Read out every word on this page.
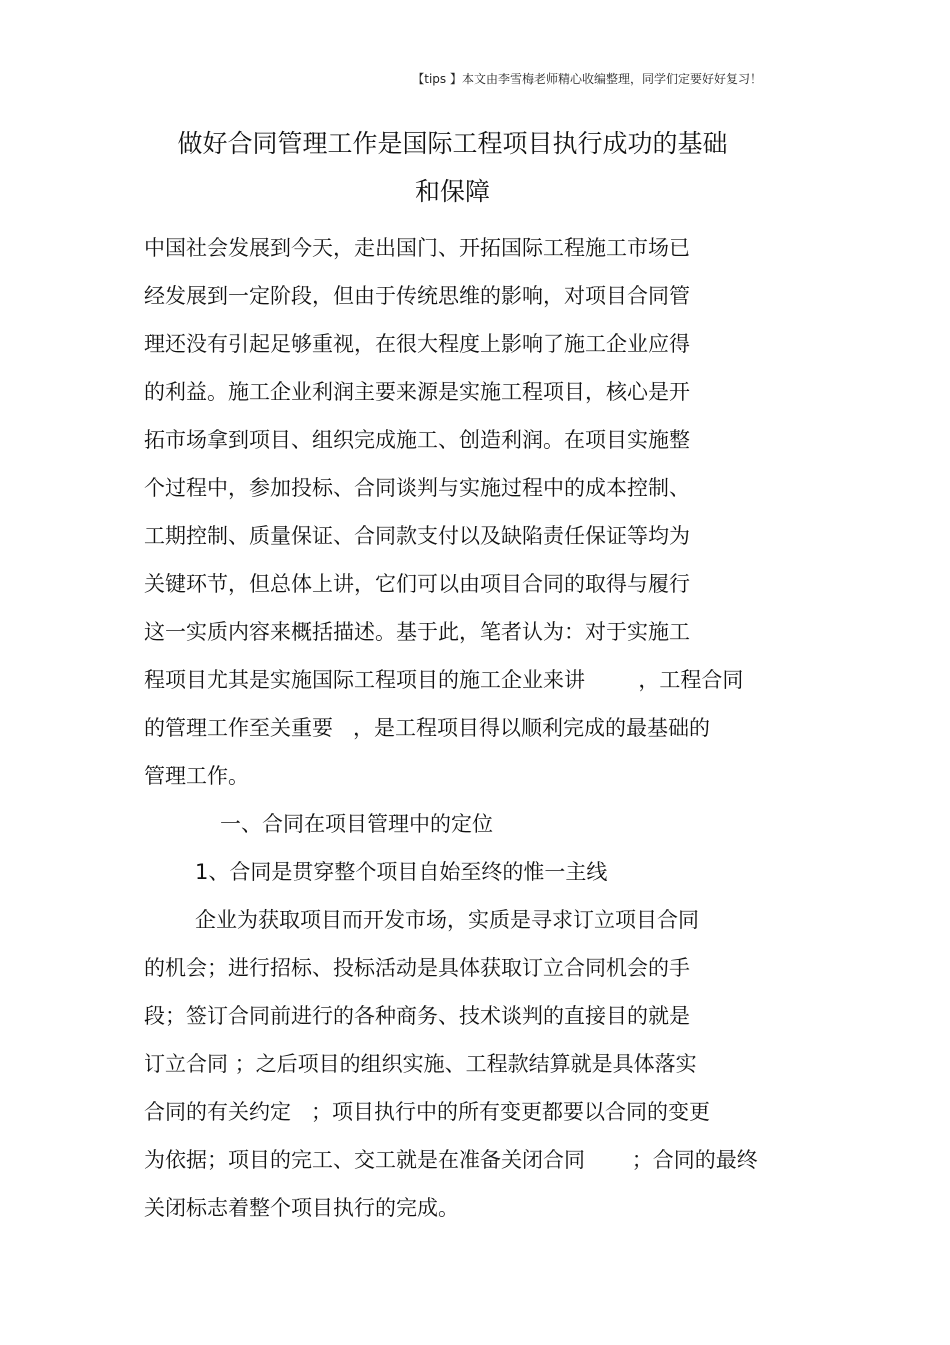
【tips 】本文由李雪梅老师精心收编整理，同学们定要好好复习！
做好合同管理工作是国际工程项目执行成功的基础
和保障
中国社会发展到今天，走出国门、开拓国际工程施工市场已
经发展到一定阶段，但由于传统思维的影响，对项目合同管
理还没有引起足够重视，在很大程度上影响了施工企业应得
的利益。施工企业利润主要来源是实施工程项目，核心是开
拓市场拿到项目、组织完成施工、创造利润。在项目实施整
个过程中，参加投标、合同谈判与实施过程中的成本控制、
工期控制、质量保证、合同款支付以及缺陷责任保证等均为
关键环节，但总体上讲，它们可以由项目合同的取得与履行
这一实质内容来概括描述。基于此，笔者认为：对于实施工
程项目尤其是实施国际工程项目的施工企业来讲        ，工程合同
的管理工作至关重要   ，是工程项目得以顺利完成的最基础的
管理工作。
一、合同在项目管理中的定位
1、合同是贯穿整个项目自始至终的惟一主线
企业为获取项目而开发市场，实质是寻求订立项目合同
的机会；进行招标、投标活动是具体获取订立合同机会的手
段；签订合同前进行的各种商务、技术谈判的直接目的就是
订立合同 ；之后项目的组织实施、工程款结算就是具体落实
合同的有关约定   ；项目执行中的所有变更都要以合同的变更
为依据；项目的完工、交工就是在准备关闭合同       ；合同的最终
关闭标志着整个项目执行的完成。
